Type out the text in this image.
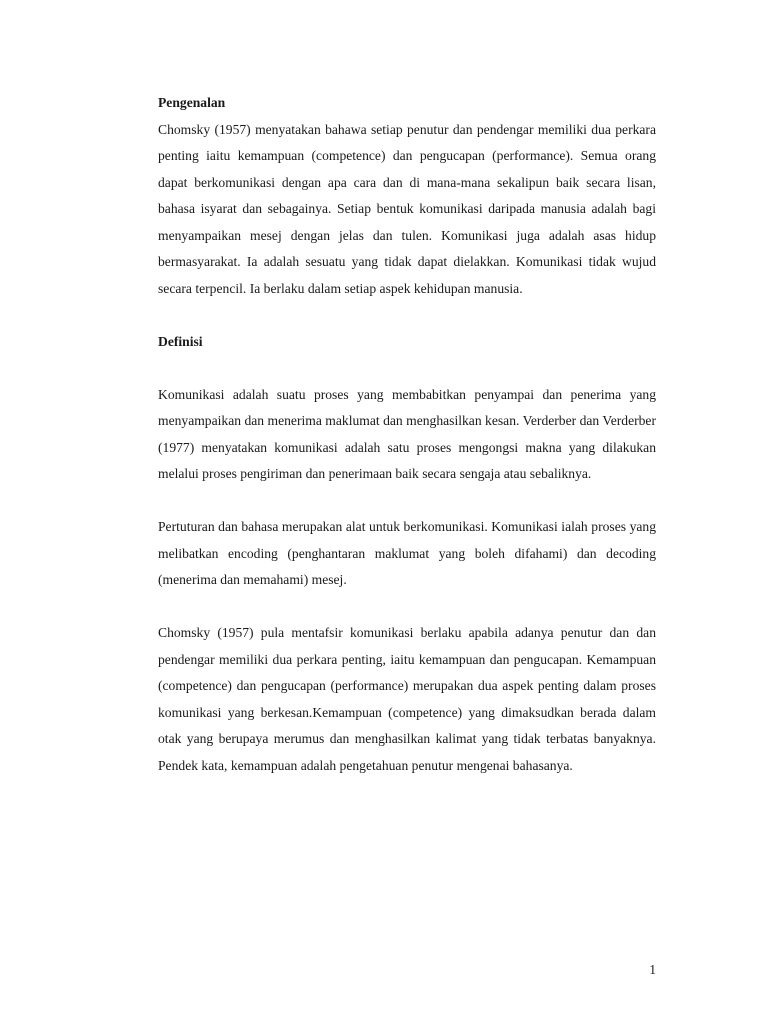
Pengenalan

Chomsky (1957) menyatakan bahawa setiap penutur dan pendengar memiliki dua perkara penting iaitu kemampuan (competence) dan pengucapan (performance). Semua orang dapat berkomunikasi dengan apa cara dan di mana-mana sekalipun baik secara lisan, bahasa isyarat dan sebagainya. Setiap bentuk komunikasi daripada manusia adalah bagi menyampaikan mesej dengan jelas dan tulen. Komunikasi juga adalah asas hidup bermasyarakat. Ia adalah sesuatu yang tidak dapat dielakkan. Komunikasi tidak wujud secara terpencil. Ia berlaku dalam setiap aspek kehidupan manusia.

Definisi

Komunikasi adalah suatu proses yang membabitkan penyampai dan penerima yang menyampaikan dan menerima maklumat dan menghasilkan kesan. Verderber dan Verderber (1977) menyatakan komunikasi adalah satu proses mengongsi makna yang dilakukan melalui proses pengiriman dan penerimaan baik secara sengaja atau sebaliknya.

Pertuturan dan bahasa merupakan alat untuk berkomunikasi. Komunikasi ialah proses yang melibatkan encoding (penghantaran maklumat yang boleh difahami) dan decoding (menerima dan memahami) mesej.

Chomsky (1957) pula mentafsir komunikasi berlaku apabila adanya penutur dan dan pendengar memiliki dua perkara penting, iaitu kemampuan dan pengucapan. Kemampuan (competence) dan pengucapan (performance) merupakan dua aspek penting dalam proses komunikasi yang berkesan.Kemampuan (competence) yang dimaksudkan berada dalam otak yang berupaya merumus dan menghasilkan kalimat yang tidak terbatas banyaknya. Pendek kata, kemampuan adalah pengetahuan penutur mengenai bahasanya.

1
